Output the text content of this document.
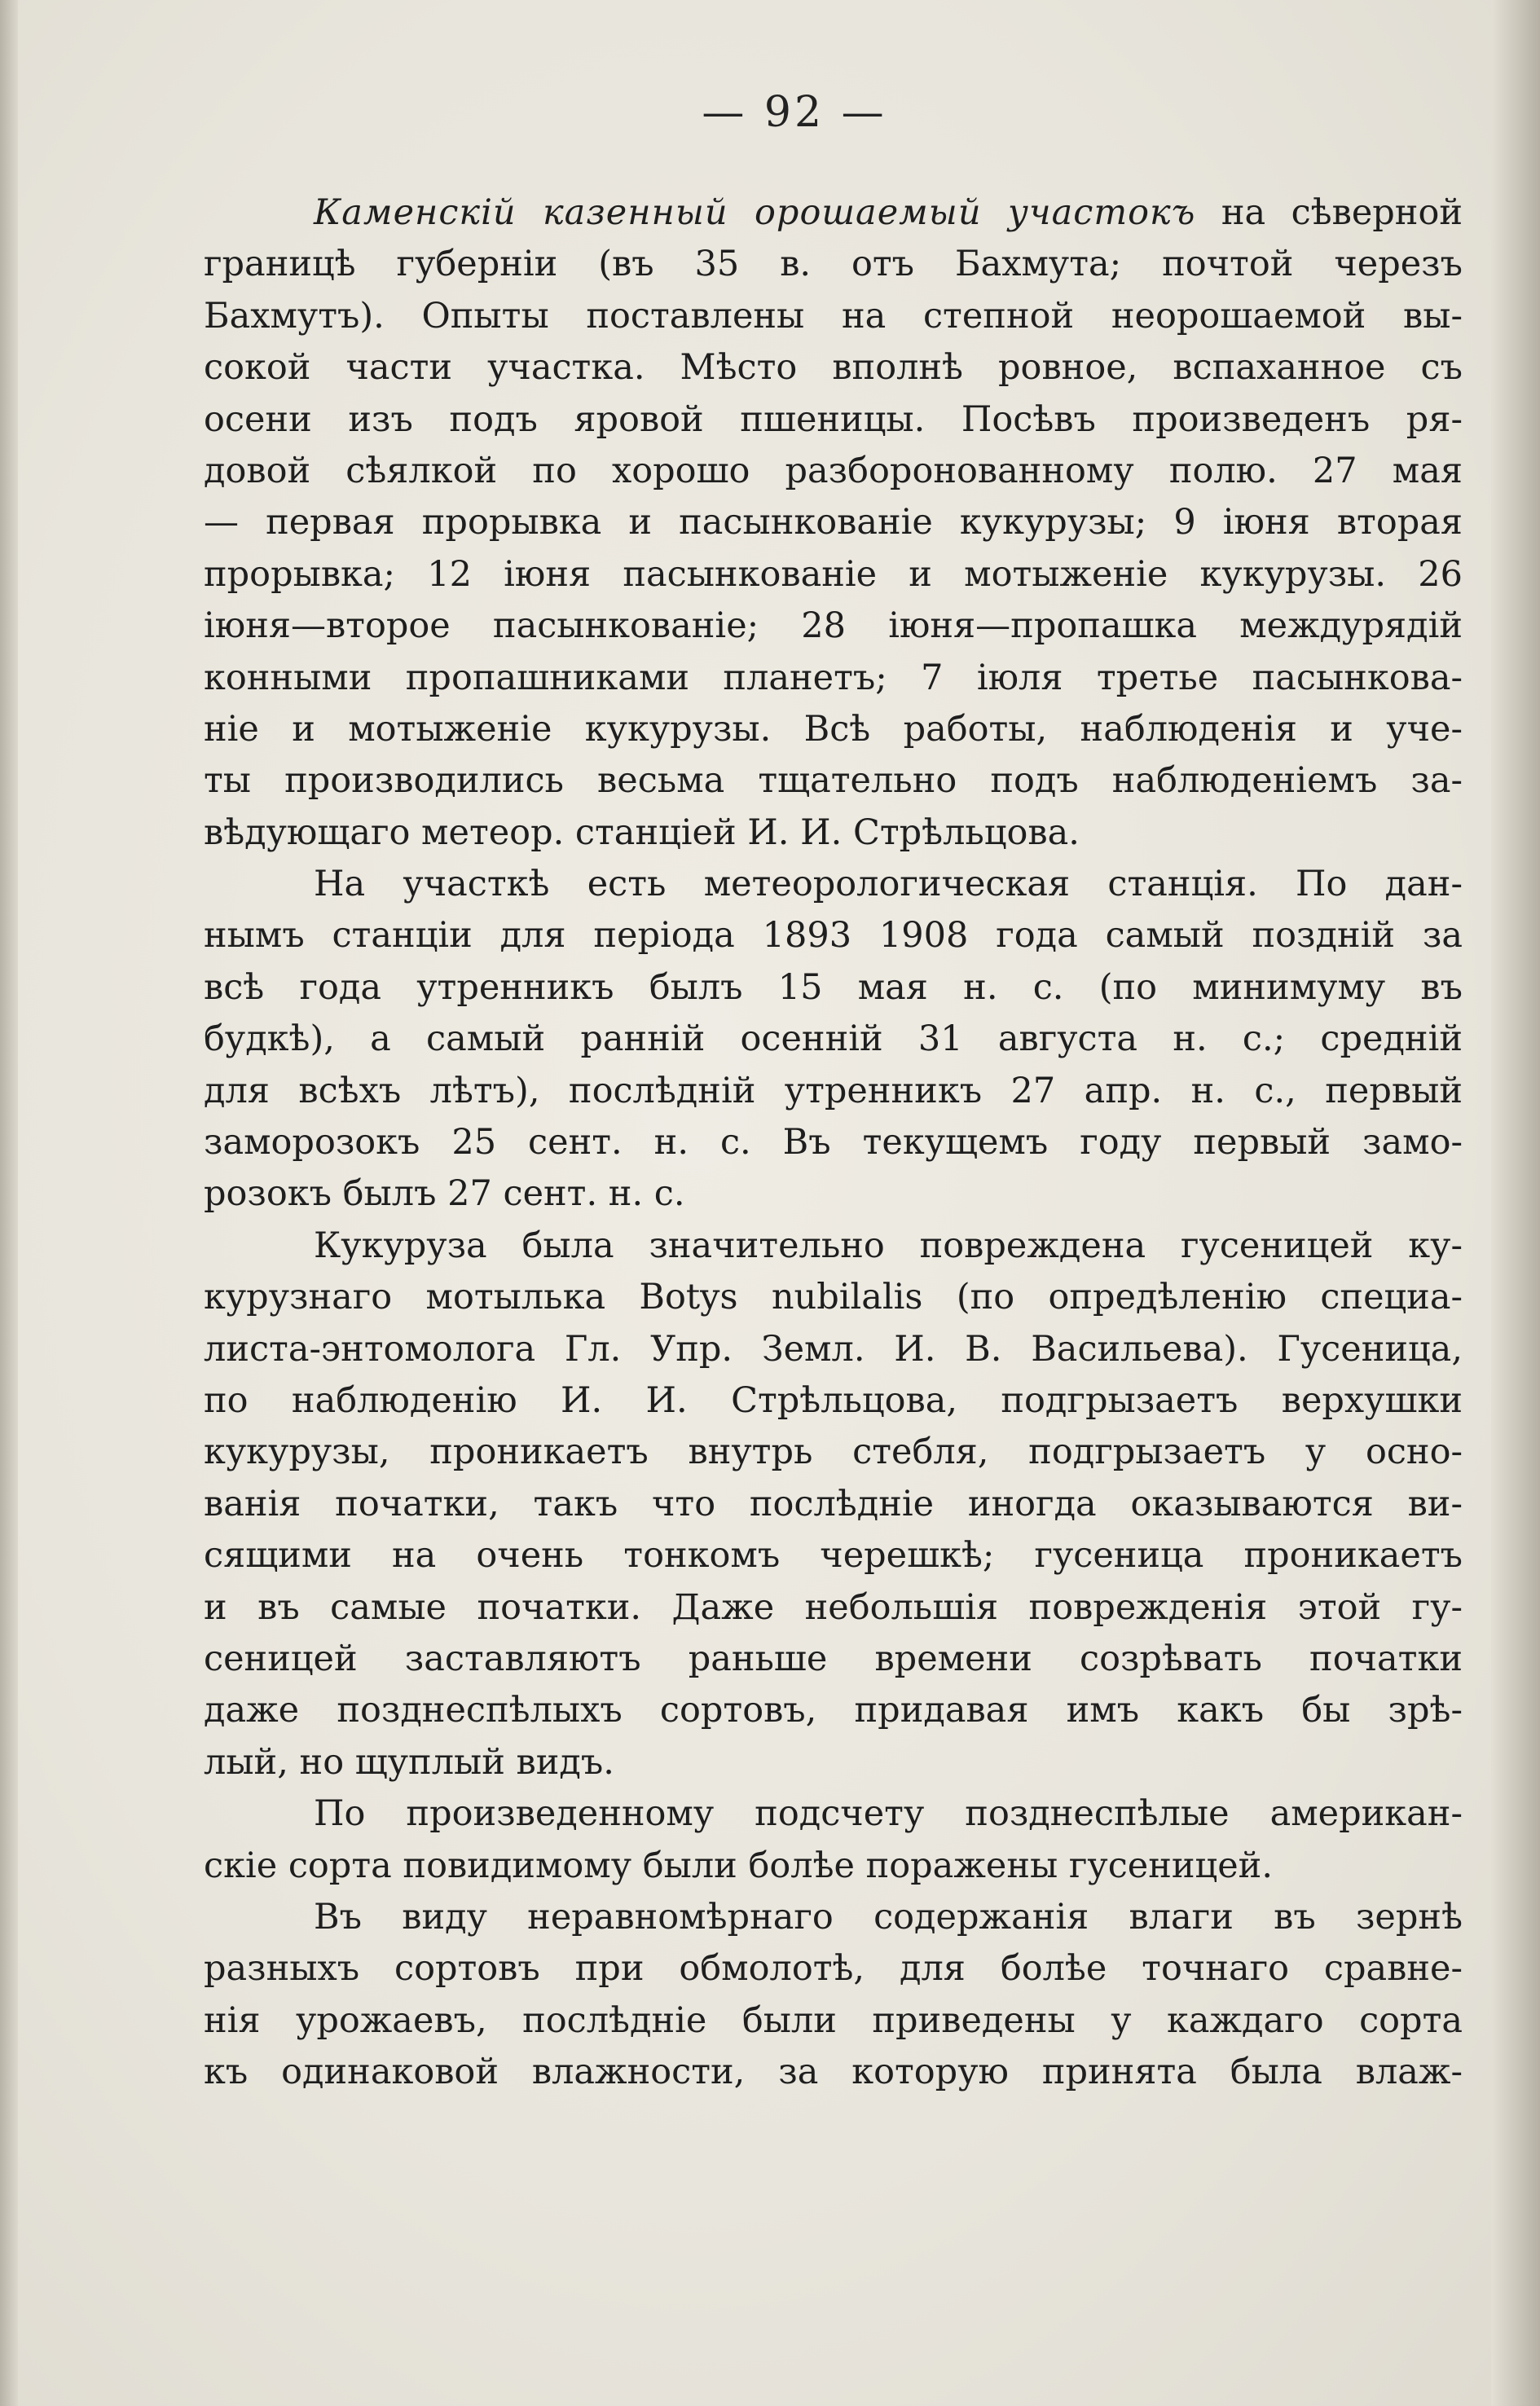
— 92 —
Каменскій казенный орошаемый участокъ на сѣверной
границѣ губерніи (въ 35 в. отъ Бахмута; почтой черезъ
Бахмутъ). Опыты поставлены на степной неорошаемой вы-
сокой части участка. Мѣсто вполнѣ ровное, вспаханное съ
осени изъ подъ яровой пшеницы. Посѣвъ произведенъ ря-
довой сѣялкой по хорошо разборонованному полю. 27 мая
— первая прорывка и пасынкованіе кукурузы; 9 іюня вторая
прорывка; 12 іюня пасынкованіе и мотыженіе кукурузы. 26
іюня—второе пасынкованіе; 28 іюня—пропашка междурядій
конными пропашниками планетъ; 7 іюля третье пасынкова-
ніе и мотыженіе кукурузы. Всѣ работы, наблюденія и уче-
ты производились весьма тщательно подъ наблюденіемъ за-
вѣдующаго метеор. станціей И. И. Стрѣльцова.
На участкѣ есть метеорологическая станція. По дан-
нымъ станціи для періода 1893 1908 года самый поздній за
всѣ года утренникъ былъ 15 мая н. с. (по минимуму въ
будкѣ), а самый ранній осенній 31 августа н. с.; средній
для всѣхъ лѣтъ), послѣдній утренникъ 27 апр. н. с., первый
заморозокъ 25 сент. н. с. Въ текущемъ году первый замо-
розокъ былъ 27 сент. н. с.
Кукуруза была значительно повреждена гусеницей ку-
курузнаго мотылька Botys nubilalis (по опредѣленію специа-
листа-энтомолога Гл. Упр. Земл. И. В. Васильева). Гусеница,
по наблюденію И. И. Стрѣльцова, подгрызаетъ верхушки
кукурузы, проникаетъ внутрь стебля, подгрызаетъ у осно-
ванія початки, такъ что послѣдніе иногда оказываются ви-
сящими на очень тонкомъ черешкѣ; гусеница проникаетъ
и въ самые початки. Даже небольшія поврежденія этой гу-
сеницей заставляютъ раньше времени созрѣвать початки
даже позднеспѣлыхъ сортовъ, придавая имъ какъ бы зрѣ-
лый, но щуплый видъ.
По произведенному подсчету позднеспѣлые американ-
скіе сорта повидимому были болѣе поражены гусеницей.
Въ виду неравномѣрнаго содержанія влаги въ зернѣ
разныхъ сортовъ при обмолотѣ, для болѣе точнаго сравне-
нія урожаевъ, послѣдніе были приведены у каждаго сорта
къ одинаковой влажности, за которую принята была влаж-
